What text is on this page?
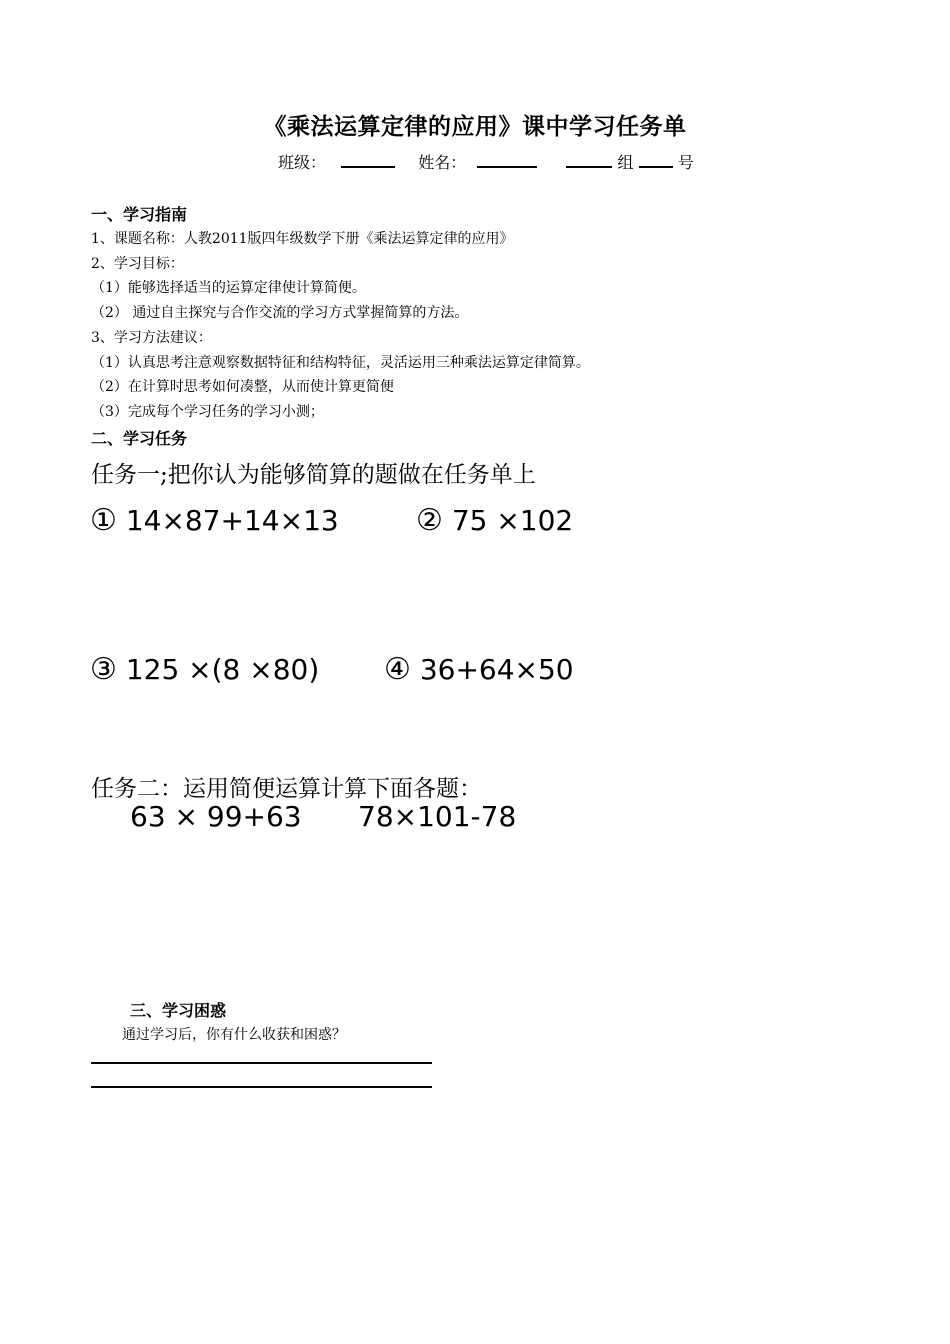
《乘法运算定律的应用》课中学习任务单
班级：	姓名：	组	号
一、学习指南
1、课题名称：人教2011版四年级数学下册《乘法运算定律的应用》
2、学习目标：
（1）能够选择适当的运算定律使计算简便。
（2） 通过自主探究与合作交流的学习方式掌握简算的方法。
3、学习方法建议：
（1）认真思考注意观察数据特征和结构特征，灵活运用三种乘法运算定律简算。
（2）在计算时思考如何凑整，从而使计算更简便
（3）完成每个学习任务的学习小测；
二、学习任务
任务一;把你认为能够简算的题做在任务单上
① 14×87+14×13	② 75 ×102
③ 125 ×(8 ×80) ④ 36+64×50
任务二：运用简便运算计算下面各题：
63 × 99+63 78×101-78
三、学习困惑
通过学习后，你有什么收获和困惑？
